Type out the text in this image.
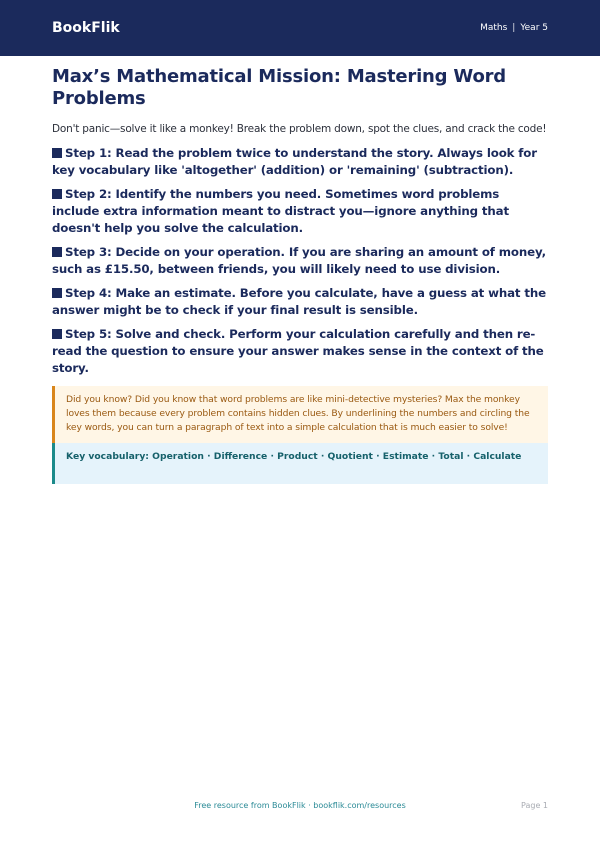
BookFlik	Maths | Year 5
Max’s Mathematical Mission: Mastering Word Problems

Don't panic—solve it like a monkey! Break the problem down, spot the clues, and crack the code!

Step 1: Read the problem twice to understand the story. Always look for key vocabulary like 'altogether' (addition) or 'remaining' (subtraction).

Step 2: Identify the numbers you need. Sometimes word problems include extra information meant to distract you—ignore anything that doesn't help you solve the calculation.

Step 3: Decide on your operation. If you are sharing an amount of money, such as £15.50, between friends, you will likely need to use division.

Step 4: Make an estimate. Before you calculate, have a guess at what the answer might be to check if your final result is sensible.

Step 5: Solve and check. Perform your calculation carefully and then re-read the question to ensure your answer makes sense in the context of the story.

Did you know? Did you know that word problems are like mini-detective mysteries? Max the monkey loves them because every problem contains hidden clues. By underlining the numbers and circling the key words, you can turn a paragraph of text into a simple calculation that is much easier to solve!

Key vocabulary: Operation · Difference · Product · Quotient · Estimate · Total · Calculate

Free resource from BookFlik · bookflik.com/resources	Page 1
